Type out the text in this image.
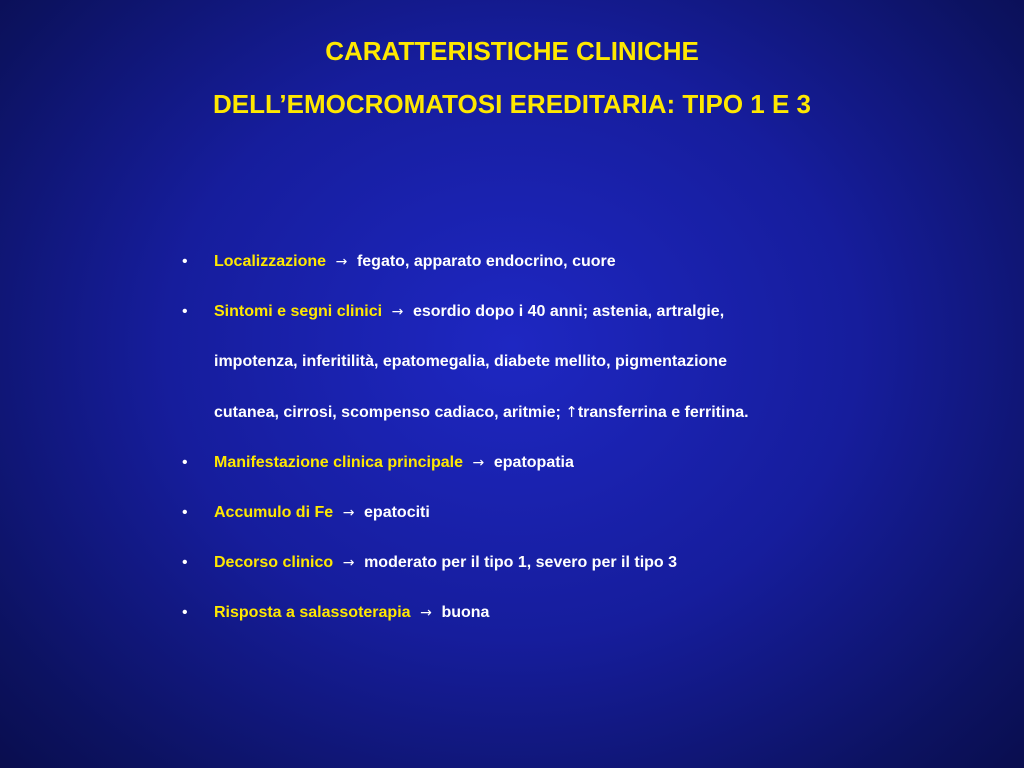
CARATTERISTICHE CLINICHE
DELL’EMOCROMATOSI EREDITARIA: TIPO 1 E 3
• Localizzazione → fegato, apparato endocrino, cuore
• Sintomi e segni clinici → esordio dopo i 40 anni; astenia, artralgie,
impotenza, inferitilità, epatomegalia, diabete mellito, pigmentazione
cutanea, cirrosi, scompenso cadiaco, aritmie; ↑transferrina e ferritina.
• Manifestazione clinica principale → epatopatia
• Accumulo di Fe → epatociti
• Decorso clinico → moderato per il tipo 1, severo per il tipo 3
• Risposta a salassoterapia → buona
